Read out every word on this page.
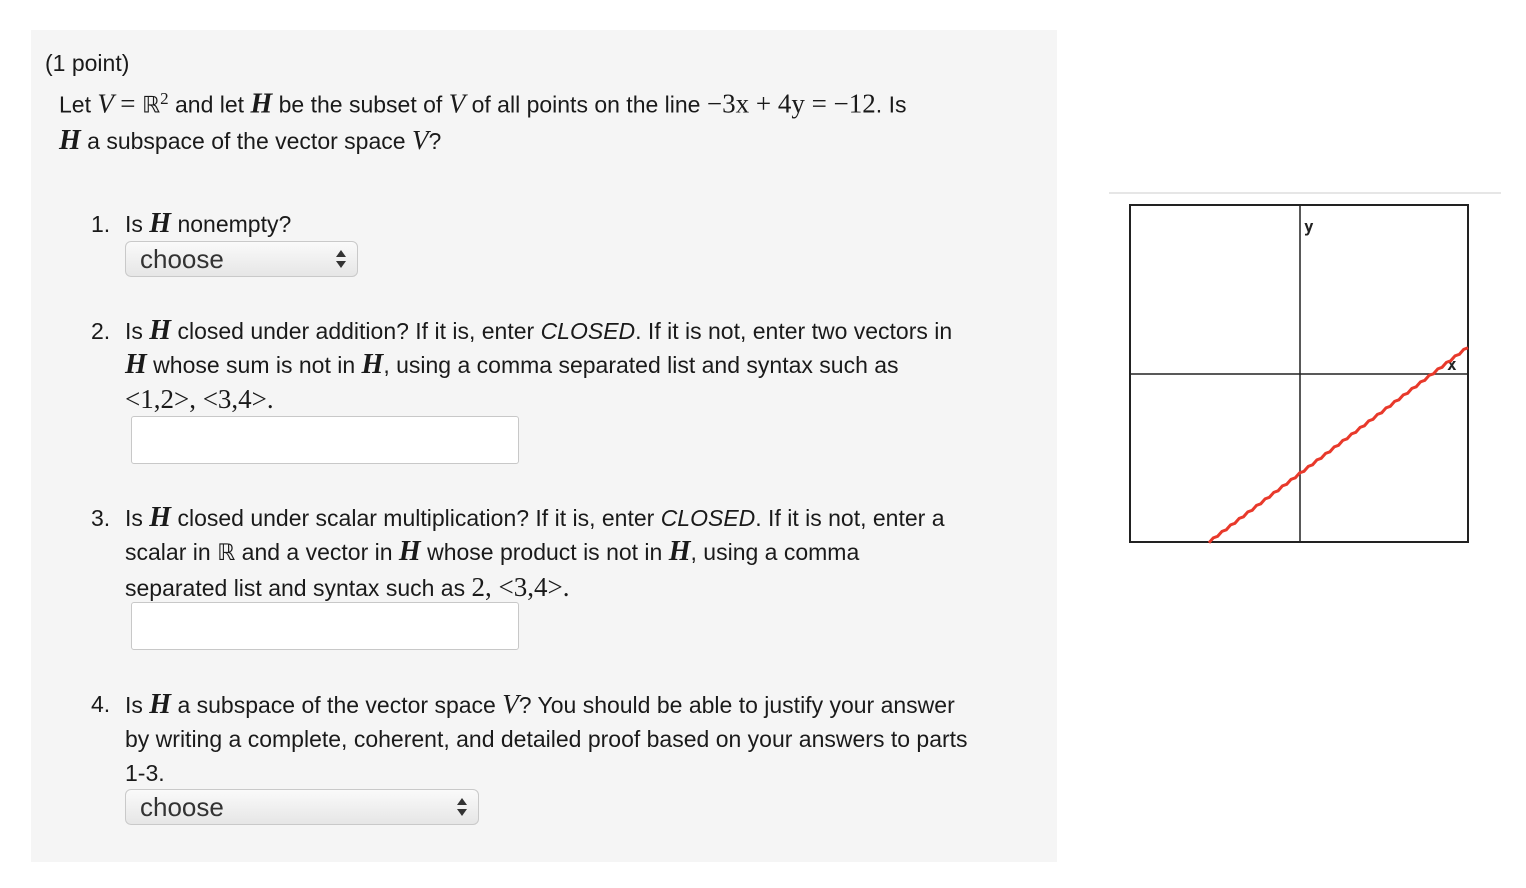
(1 point)
Let V = ℝ$^2$ and let H be the subset of V of all points on the line −3x + 4y = −12. Is
H a subspace of the vector space V?
1. Is H nonempty?
choose
2. Is H closed under addition? If it is, enter CLOSED. If it is not, enter two vectors in
H whose sum is not in H, using a comma separated list and syntax such as
<1,2>, <3,4>.
3. Is H closed under scalar multiplication? If it is, enter CLOSED. If it is not, enter a
scalar in ℝ and a vector in H whose product is not in H, using a comma
separated list and syntax such as 2, <3,4>.
4. Is H a subspace of the vector space V? You should be able to justify your answer
by writing a complete, coherent, and detailed proof based on your answers to parts
1-3.
choose
y
x
